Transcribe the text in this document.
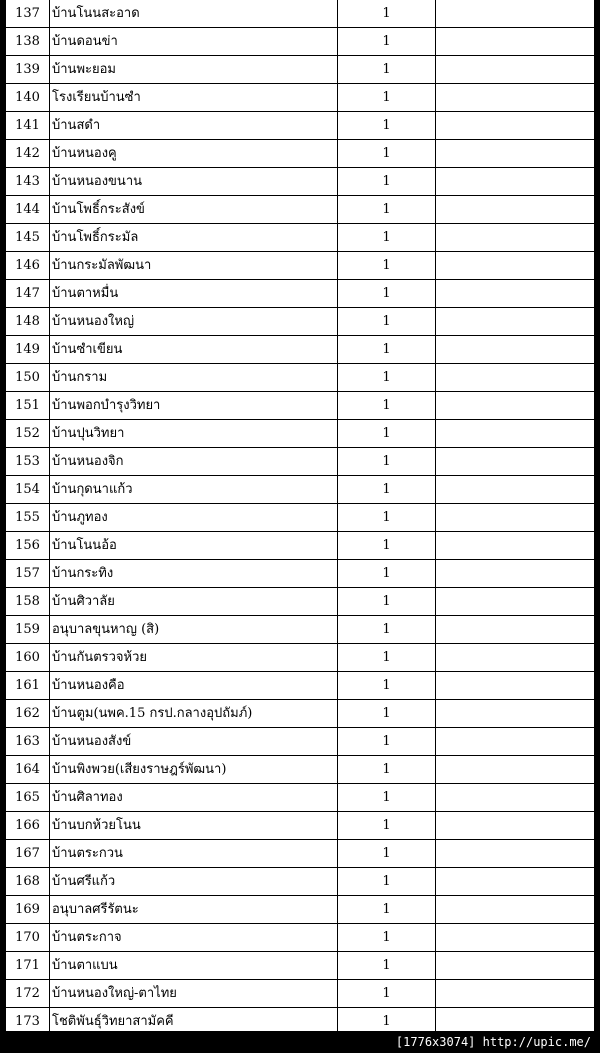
137	บ้านโนนสะอาด	1	
138	บ้านดอนข่า	1	
139	บ้านพะยอม	1	
140	โรงเรียนบ้านซำ	1	
141	บ้านสดำ	1	
142	บ้านหนองคู	1	
143	บ้านหนองขนาน	1	
144	บ้านโพธิ์กระสังข์	1	
145	บ้านโพธิ์กระมัล	1	
146	บ้านกระมัลพัฒนา	1	
147	บ้านตาหมื่น	1	
148	บ้านหนองใหญ่	1	
149	บ้านซำเขียน	1	
150	บ้านกราม	1	
151	บ้านพอกบำรุงวิทยา	1	
152	บ้านปุนวิทยา	1	
153	บ้านหนองจิก	1	
154	บ้านกุดนาแก้ว	1	
155	บ้านภูทอง	1	
156	บ้านโนนอ้อ	1	
157	บ้านกระทิง	1	
158	บ้านศิวาลัย	1	
159	อนุบาลขุนหาญ (สิ)	1	
160	บ้านกันตรวจห้วย	1	
161	บ้านหนองคือ	1	
162	บ้านตูม(นพค.15 กรป.กลางอุปถัมภ์)	1	
163	บ้านหนองสังข์	1	
164	บ้านพิงพวย(เสียงราษฎร์พัฒนา)	1	
165	บ้านศิลาทอง	1	
166	บ้านบกห้วยโนน	1	
167	บ้านตระกวน	1	
168	บ้านศรีแก้ว	1	
169	อนุบาลศรีรัตนะ	1	
170	บ้านตระกาจ	1	
171	บ้านตาแบน	1	
172	บ้านหนองใหญ่-ตาไทย	1	
173	โชติพันธุ์วิทยาสามัคคี	1	
[1776x3074] http://upic.me/
